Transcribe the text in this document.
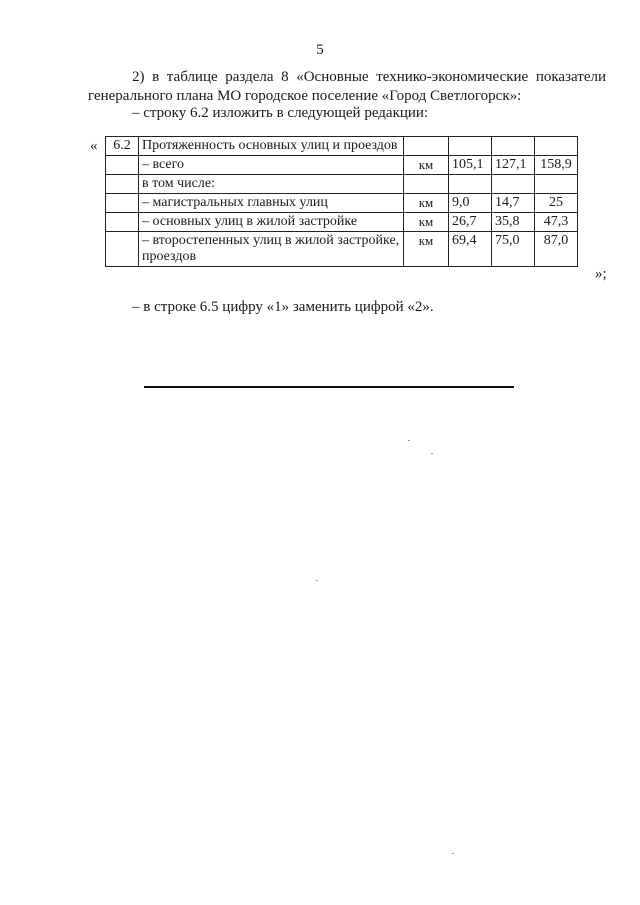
5
2) в таблице раздела 8 «Основные технико-экономические показатели генерального плана МО городское поселение «Город Светлогорск»:
– строку 6.2 изложить в следующей редакции:
« 6.2	Протяженность основных улиц и проездов				
	– всего	км	105,1	127,1	158,9
	в том числе:				
	– магистральных главных улиц	км	9,0	14,7	25
	– основных улиц в жилой застройке	км	26,7	35,8	47,3
	– второстепенных улиц в жилой застройке, проездов	км	69,4	75,0	87,0
»;
– в строке 6.5 цифру «1» заменить цифрой «2».
